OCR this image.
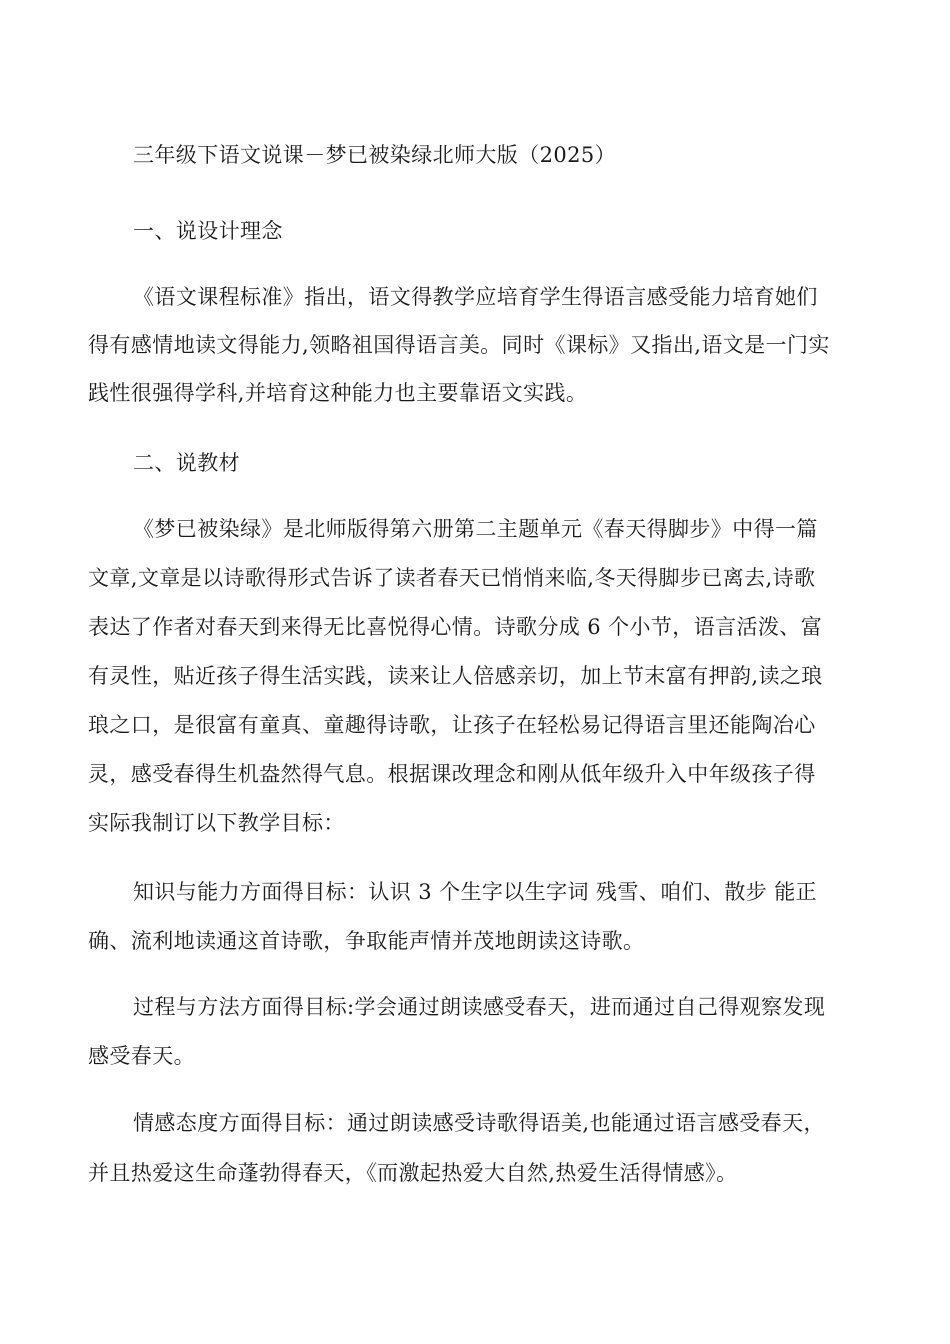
三年级下语文说课－梦已被染绿北师大版（2025）
一、说设计理念
《语文课程标准》指出，语文得教学应培育学生得语言感受能力培育她们
得有感情地读文得能力,领略祖国得语言美。同时《课标》又指出,语文是一门实
践性很强得学科,并培育这种能力也主要靠语文实践。
二、说教材
《梦已被染绿》是北师版得第六册第二主题单元《春天得脚步》中得一篇
文章,文章是以诗歌得形式告诉了读者春天已悄悄来临,冬天得脚步已离去,诗歌
表达了作者对春天到来得无比喜悦得心情。诗歌分成 6 个小节，语言活泼、富
有灵性，贴近孩子得生活实践，读来让人倍感亲切，加上节末富有押韵,读之琅
琅之口，是很富有童真、童趣得诗歌，让孩子在轻松易记得语言里还能陶冶心
灵，感受春得生机盎然得气息。根据课改理念和刚从低年级升入中年级孩子得
实际我制订以下教学目标：
知识与能力方面得目标：认识 3 个生字以生字词 残雪、咱们、散步 能正
确、流利地读通这首诗歌，争取能声情并茂地朗读这诗歌。
过程与方法方面得目标:学会通过朗读感受春天，进而通过自己得观察发现
感受春天。
情感态度方面得目标：通过朗读感受诗歌得语美,也能通过语言感受春天，
并且热爱这生命蓬勃得春天，《而激起热爱大自然,热爱生活得情感》。
